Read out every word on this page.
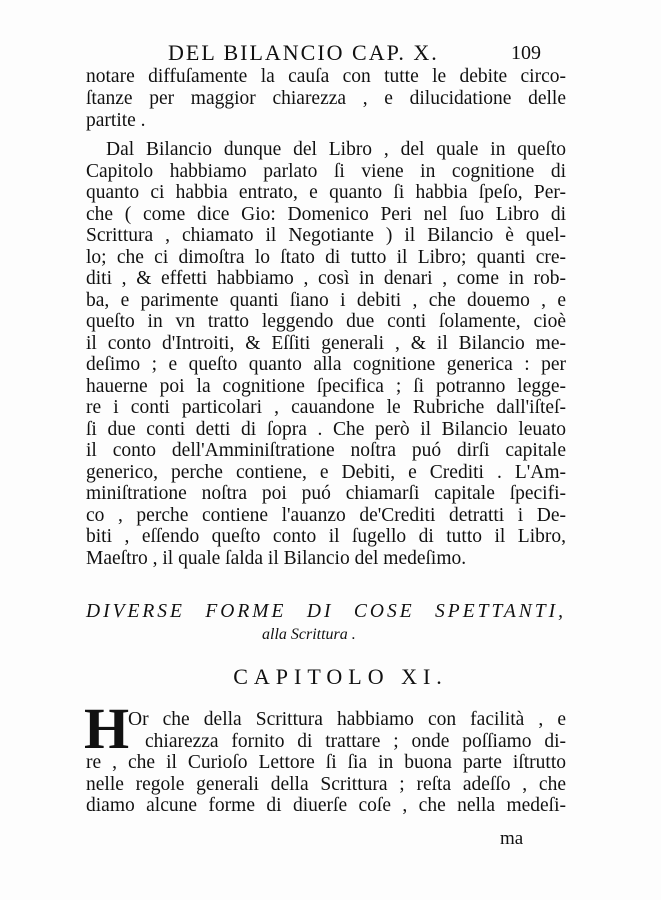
DEL BILANCIO CAP. X.	109
notare diffuſamente la cauſa con tutte le debite circo-
ſtanze per maggior chiarezza , e dilucidatione delle
partite .
Dal Bilancio dunque del Libro , del quale in queſto
Capitolo habbiamo parlato ſi viene in cognitione di
quanto ci habbia entrato, e quanto ſi habbia ſpeſo, Per-
che ( come dice Gio: Domenico Peri nel ſuo Libro di
Scrittura , chiamato il Negotiante ) il Bilancio è quel-
lo; che ci dimoſtra lo ſtato di tutto il Libro; quanti cre-
diti , & effetti habbiamo , così in denari , come in rob-
ba, e parimente quanti ſiano i debiti , che douemo , e
queſto in vn tratto leggendo due conti ſolamente, cioè
il conto d'Introiti, & Eſſiti generali , & il Bilancio me-
deſimo ; e queſto quanto alla cognitione generica : per
hauerne poi la cognitione ſpecifica ; ſi potranno legge-
re i conti particolari , cauandone le Rubriche dall'iſteſ-
ſi due conti detti di ſopra . Che però il Bilancio leuato
il conto dell'Amminiſtratione noſtra puó dirſi capitale
generico, perche contiene, e Debiti, e Crediti . L'Am-
miniſtratione noſtra poi puó chiamarſi capitale ſpecifi-
co , perche contiene l'auanzo de'Crediti detratti i De-
biti , eſſendo queſto conto il ſugello di tutto il Libro,
Maeſtro , il quale ſalda il Bilancio del medeſimo.
DIVERSE FORME DI COSE SPETTANTI,
alla Scrittura .
CAPITOLO XI.
H
Or che della Scrittura habbiamo con facilità , e
chiarezza fornito di trattare ; onde poſſiamo di-
re , che il Curioſo Lettore ſi ſia in buona parte iſtrutto
nelle regole generali della Scrittura ; reſta adeſſo , che
diamo alcune forme di diuerſe coſe , che nella medeſi-
ma
